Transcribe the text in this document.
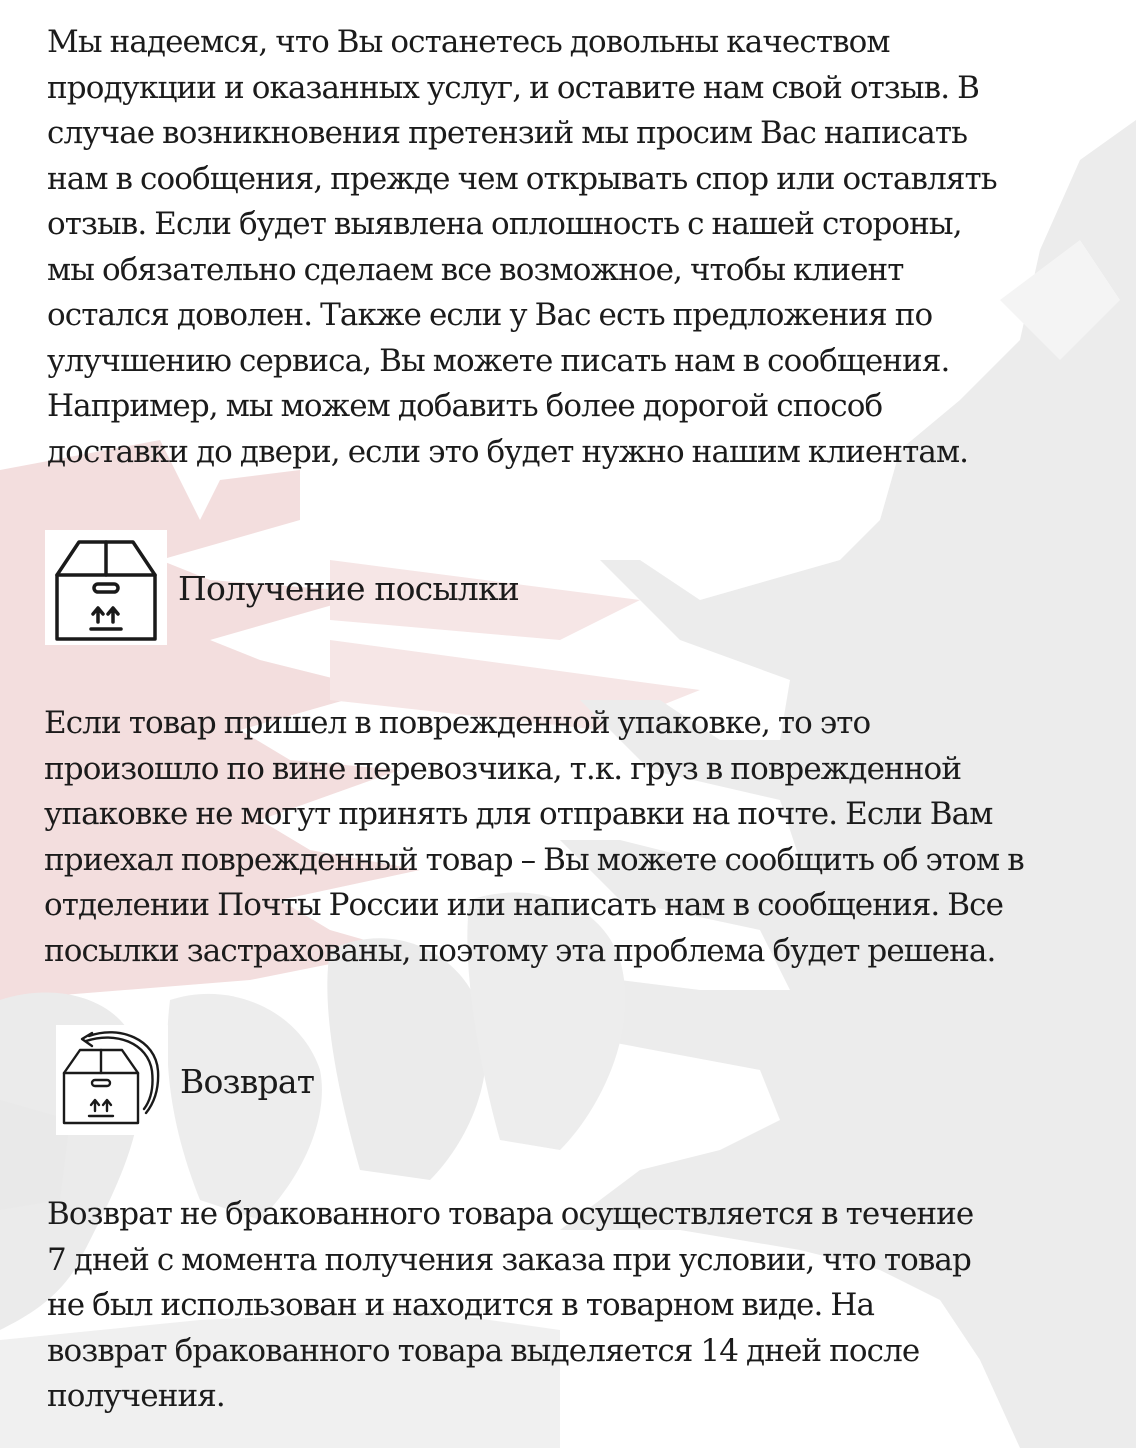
Мы надеемся, что Вы останетесь довольны качеством
продукции и оказанных услуг, и оставите нам свой отзыв. В
случае возникновения претензий мы просим Вас написать
нам в сообщения, прежде чем открывать спор или оставлять
отзыв. Если будет выявлена оплошность с нашей стороны,
мы обязательно сделаем все возможное, чтобы клиент
остался доволен. Также если у Вас есть предложения по
улучшению сервиса, Вы можете писать нам в сообщения.
Например, мы можем добавить более дорогой способ
доставки до двери, если это будет нужно нашим клиентам.
Получение посылки
Если товар пришел в поврежденной упаковке, то это
произошло по вине перевозчика, т.к. груз в поврежденной
упаковке не могут принять для отправки на почте. Если Вам
приехал поврежденный товар – Вы можете сообщить об этом в
отделении Почты России или написать нам в сообщения. Все
посылки застрахованы, поэтому эта проблема будет решена.
Возврат
Возврат не бракованного товара осуществляется в течение
7 дней с момента получения заказа при условии, что товар
не был использован и находится в товарном виде. На
возврат бракованного товара выделяется 14 дней после
получения.
